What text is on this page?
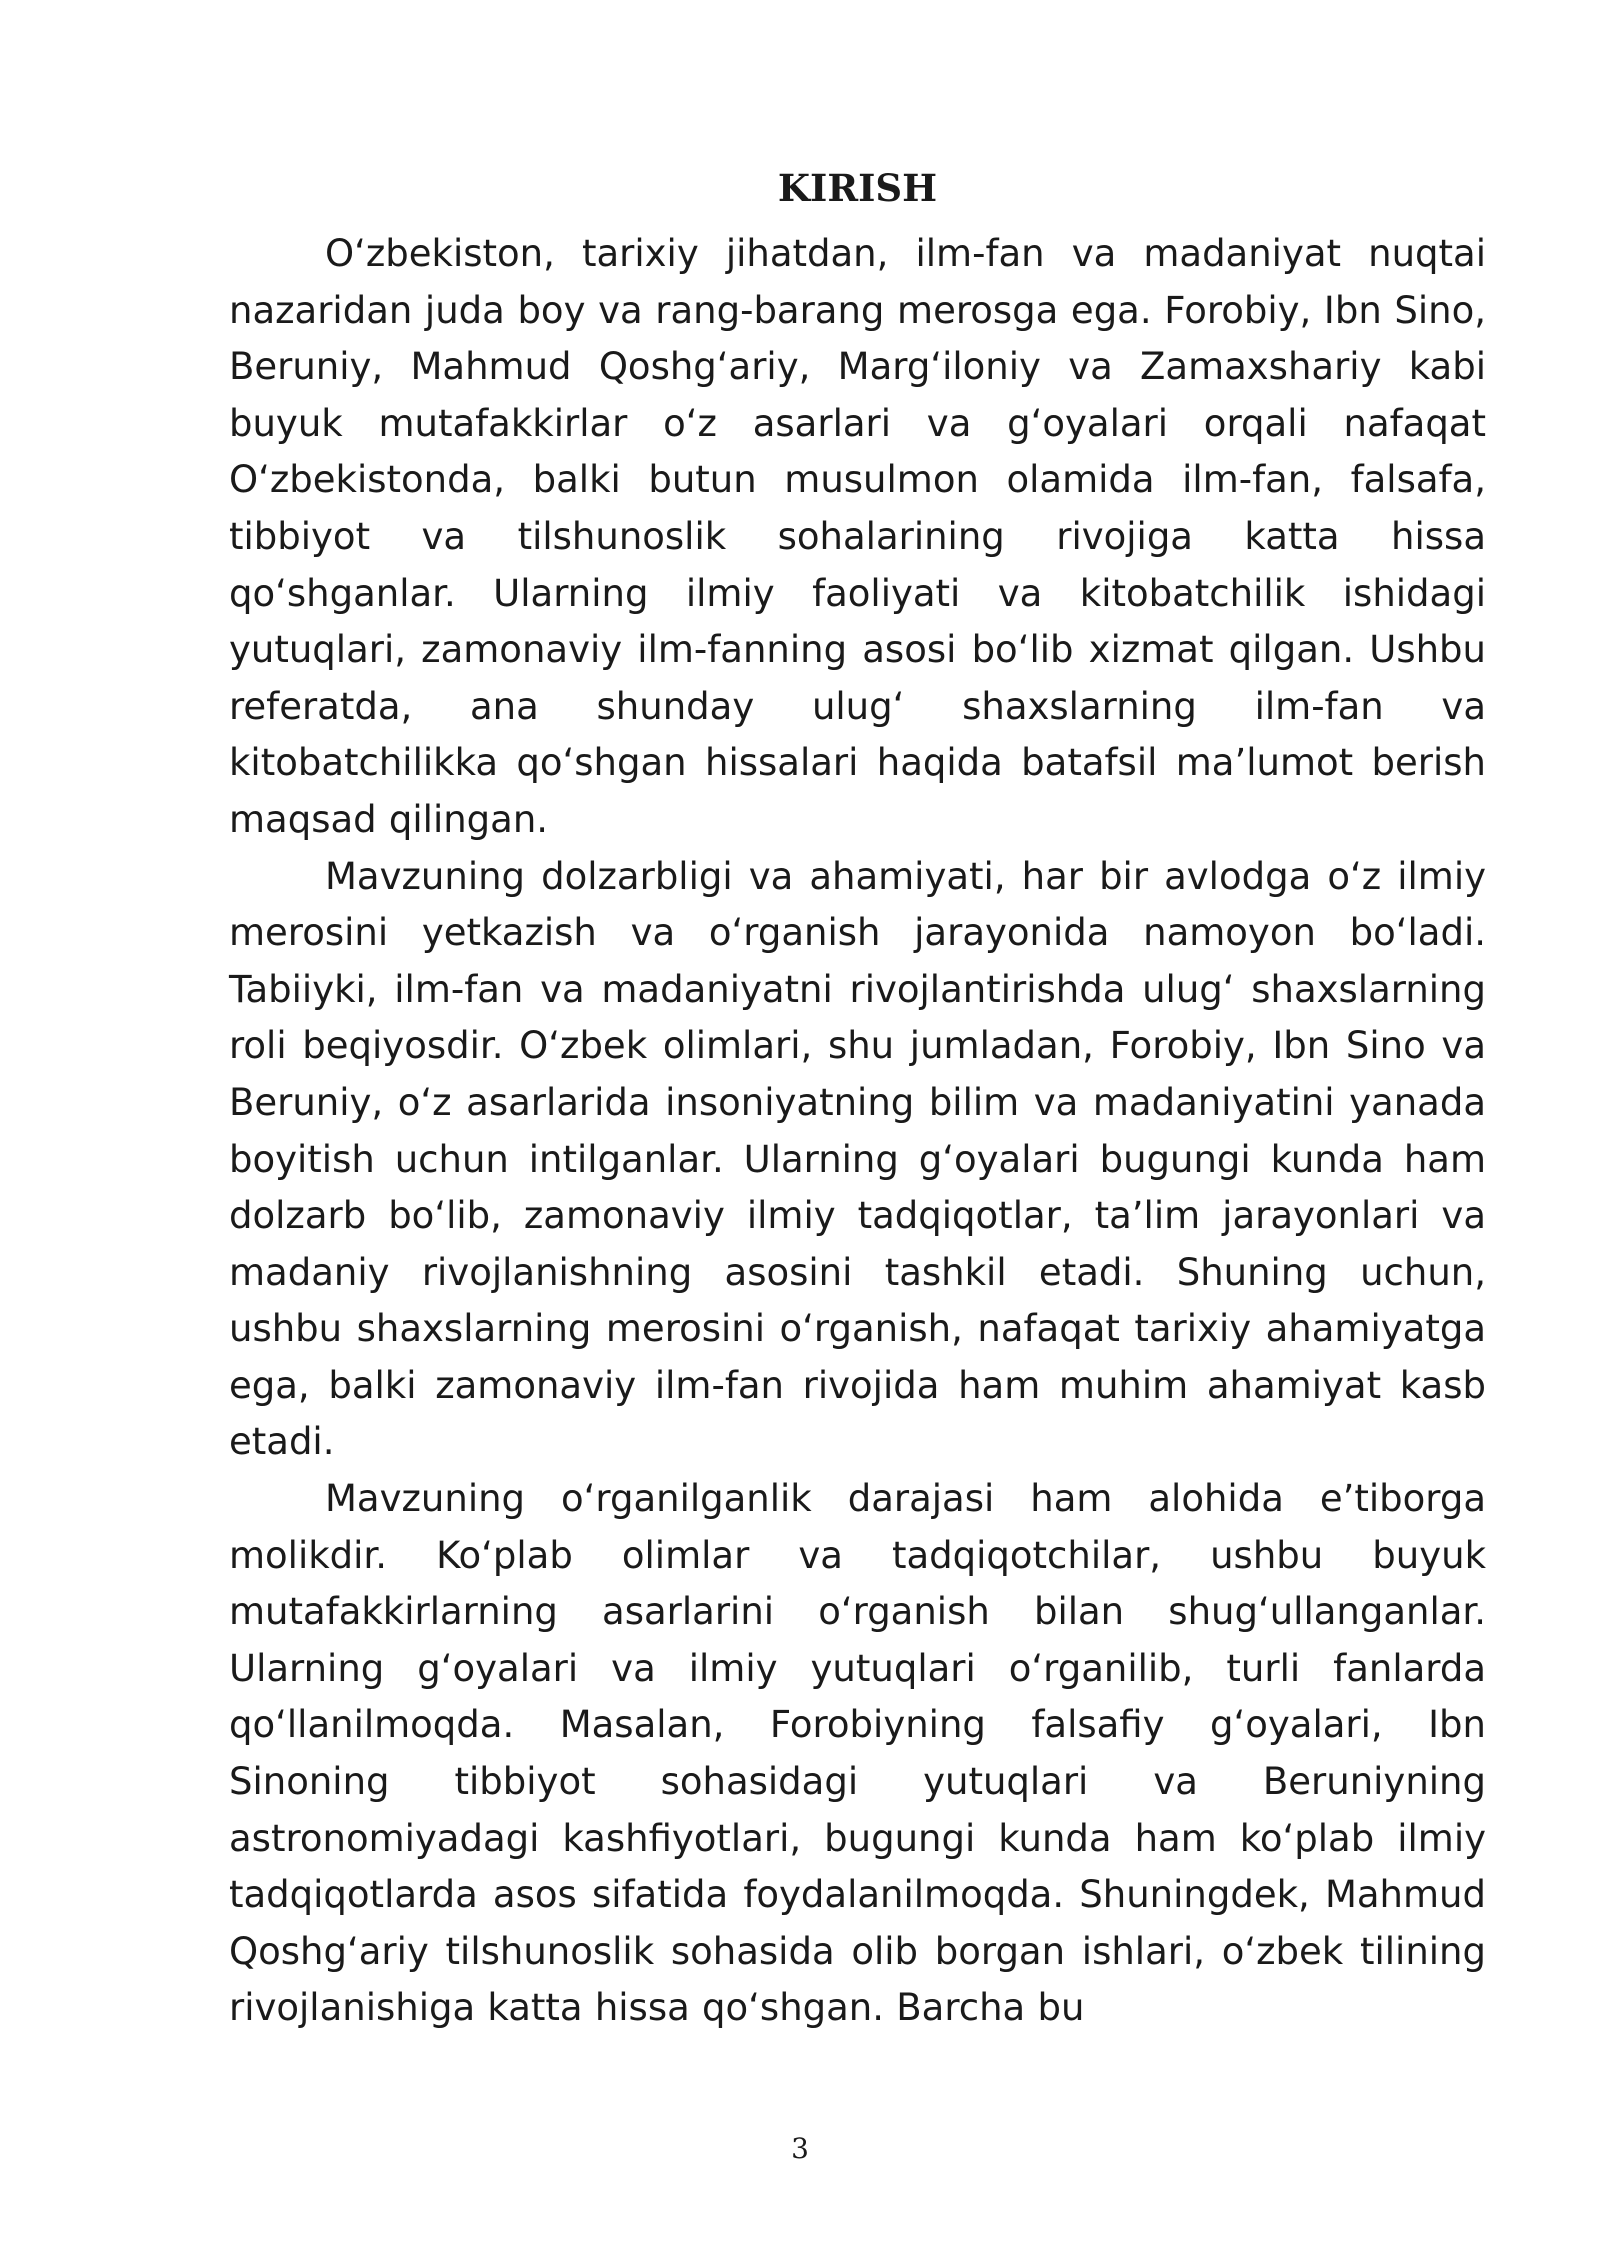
KIRISH

O‘zbekiston, tarixiy jihatdan, ilm-fan va madaniyat nuqtai nazaridan juda boy va rang-barang merosga ega. Forobiy, Ibn Sino, Beruniy, Mahmud Qoshg‘ariy, Marg‘iloniy va Zamaxshariy kabi buyuk mutafakkirlar o‘z asarlari va g‘oyalari orqali nafaqat O‘zbekistonda, balki butun musulmon olamida ilm-fan, falsafa, tibbiyot va tilshunoslik sohalarining rivojiga katta hissa qo‘shganlar. Ularning ilmiy faoliyati va kitobatchilik ishidagi yutuqlari, zamonaviy ilm-fanning asosi bo‘lib xizmat qilgan. Ushbu referatda, ana shunday ulug‘ shaxslarning ilm-fan va kitobatchilikka qo‘shgan hissalari haqida batafsil ma’lumot berish maqsad qilingan.

Mavzuning dolzarbligi va ahamiyati, har bir avlodga o‘z ilmiy merosini yetkazish va o‘rganish jarayonida namoyon bo‘ladi. Tabiiyki, ilm-fan va madaniyatni rivojlantirishda ulug‘ shaxslarning roli beqiyosdir. O‘zbek olimlari, shu jumladan, Forobiy, Ibn Sino va Beruniy, o‘z asarlarida insoniyatning bilim va madaniyatini yanada boyitish uchun intilganlar. Ularning g‘oyalari bugungi kunda ham dolzarb bo‘lib, zamonaviy ilmiy tadqiqotlar, ta’lim jarayonlari va madaniy rivojlanishning asosini tashkil etadi. Shuning uchun, ushbu shaxslarning merosini o‘rganish, nafaqat tarixiy ahamiyatga ega, balki zamonaviy ilm-fan rivojida ham muhim ahamiyat kasb etadi.

Mavzuning o‘rganilganlik darajasi ham alohida e’tiborga molikdir. Ko‘plab olimlar va tadqiqotchilar, ushbu buyuk mutafakkirlarning asarlarini o‘rganish bilan shug‘ullanganlar. Ularning g‘oyalari va ilmiy yutuqlari o‘rganilib, turli fanlarda qo‘llanilmoqda. Masalan, Forobiyning falsafiy g‘oyalari, Ibn Sinoning tibbiyot sohasidagi yutuqlari va Beruniyning astronomiyadagi kashfiyotlari, bugungi kunda ham ko‘plab ilmiy tadqiqotlarda asos sifatida foydalanilmoqda. Shuningdek, Mahmud Qoshg‘ariy tilshunoslik sohasida olib borgan ishlari, o‘zbek tilining rivojlanishiga katta hissa qo‘shgan. Barcha bu

3
